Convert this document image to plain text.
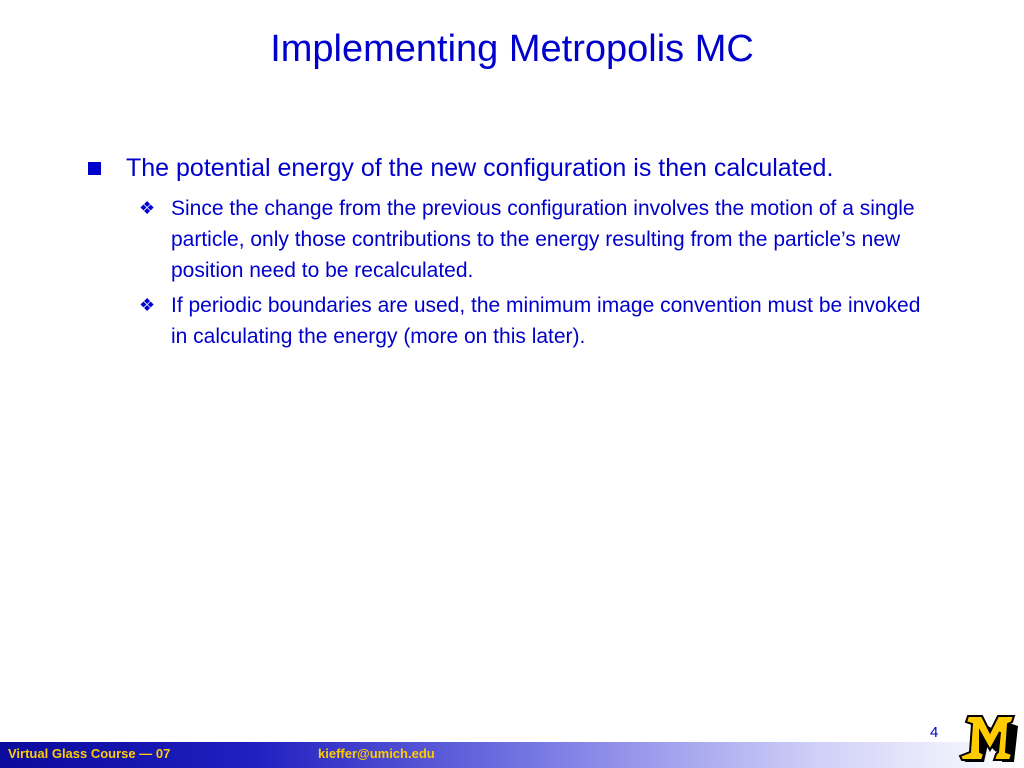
Implementing Metropolis MC
The potential energy of the new configuration is then calculated.
❖ Since the change from the previous configuration involves the motion of a single particle, only those contributions to the energy resulting from the particle’s new position need to be recalculated.
❖ If periodic boundaries are used, the minimum image convention must be invoked in calculating the energy (more on this later).
4
Virtual Glass Course — 07	kieffer@umich.edu
